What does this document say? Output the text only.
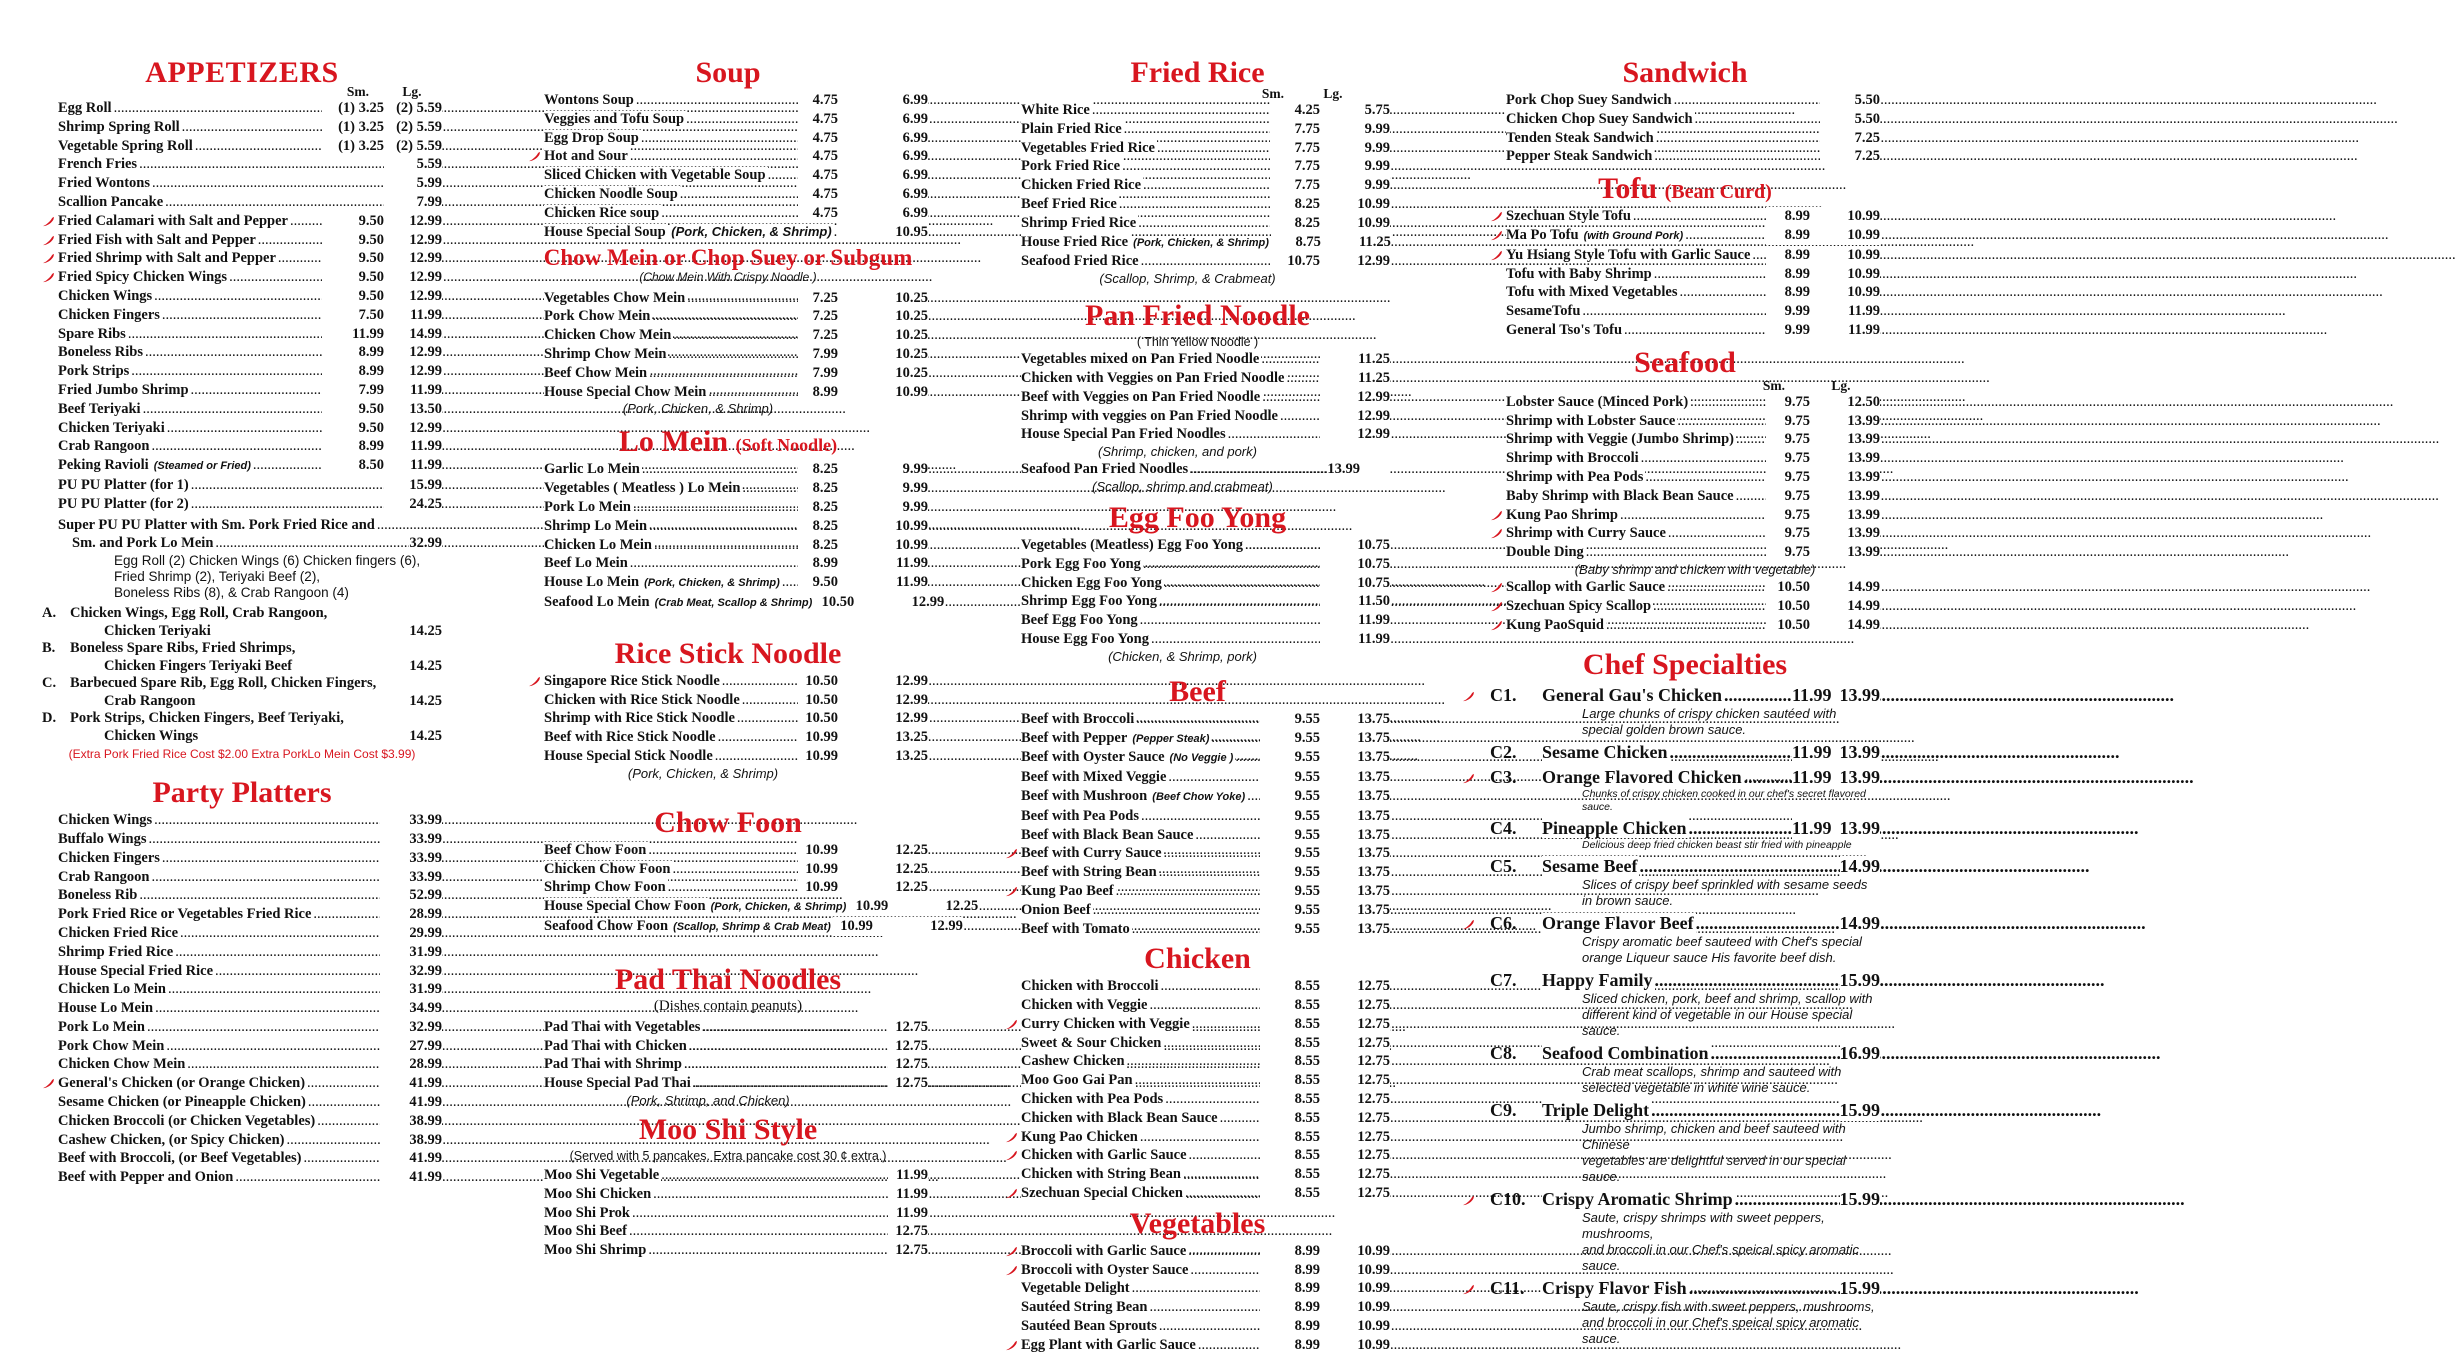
APPETIZERS
Sm.	Lg.
Egg Roll .....	(1) 3.25 (2) 5.59
Shrimp Spring Roll .....	(1) 3.25 (2) 5.59
Vegetable Spring Roll .....	(1) 3.25 (2) 5.59
French Fries .....	5.59
Fried Wontons .....	5.99
Scallion Pancake .....	7.99
Fried Calamari with Salt and Pepper .....	9.50	12.99
Fried Fish with Salt and Pepper .....	9.50	12.99
Fried Shrimp with Salt and Pepper .....	9.50	12.99
Fried Spicy Chicken Wings .....	9.50	12.99
Chicken Wings .....	9.50	12.99
Chicken Fingers .....	7.50	11.99
Spare Ribs .....	11.99	14.99
Boneless Ribs .....	8.99	12.99
Pork Strips .....	8.99	12.99
Fried Jumbo Shrimp .....	7.99	11.99
Beef Teriyaki .....	9.50	13.50
Chicken Teriyaki .....	9.50	12.99
Crab Rangoon .....	8.99	11.99
Peking Ravioli (Steamed or Fried) .....	8.50	11.99
PU PU Platter (for 1) .....	15.99
PU PU Platter (for 2) .....	24.25
Super PU PU Platter with Sm. Pork Fried Rice and .....
Sm. and Pork Lo Mein .....	32.99
Egg Roll (2) Chicken Wings (6) Chicken fingers (6),
Fried Shrimp (2), Teriyaki Beef (2),
Boneless Ribs (8), & Crab Rangoon (4)
A. Chicken Wings, Egg Roll, Crab Rangoon,
Chicken Teriyaki	14.25
B.	Boneless Spare Ribs, Fried Shrimps,
Chicken Fingers Teriyaki Beef	14.25
C. Barbecued Spare Rib, Egg Roll, Chicken Fingers,
Crab Rangoon	14.25
D. Pork Strips, Chicken Fingers, Beef Teriyaki,
Chicken Wings	14.25
(Extra Pork Fried Rice Cost $2.00 Extra PorkLo Mein Cost $3.99)
Party Platters
Chicken Wings .....	33.99
Buffalo Wings .....	33.99
Chicken Fingers .....	33.99
Crab Rangoon .....	33.99
Boneless Rib .....	52.99
Pork Fried Rice or Vegetables Fried Rice .....	28.99
Chicken Fried Rice .....	29.99
Shrimp Fried Rice .....	31.99
House Special Fried Rice .....	32.99
Chicken Lo Mein .....	31.99
House Lo Mein .....	34.99
Pork Lo Mein .....	32.99
Pork Chow Mein .....	27.99
Chicken Chow Mein .....	28.99
General's Chicken (or Orange Chicken) .....	41.99
Sesame Chicken (or Pineapple Chicken) .....	41.99
Chicken Broccoli (or Chicken Vegetables) .....	38.99
Cashew Chicken, (or Spicy Chicken) .....	38.99
Beef with Broccoli, (or Beef Vegetables) .....	41.99
Beef with Pepper and Onion .....	41.99
Soup
Wontons Soup .....	4.75	6.99
Veggies and Tofu Soup .....	4.75	6.99
Egg Drop Soup .....	4.75	6.99
Hot and Sour .....	4.75	6.99
Sliced Chicken with Vegetable Soup .....	4.75	6.99
Chicken Noodle Soup .....	4.75	6.99
Chicken Rice soup .....	4.75	6.99
House Special Soup (Pork, Chicken, & Shrimp) .....	10.95
Chow Mein or Chop Suey or Subgum
(Chow Mein With Crispy Noodle )
Vegetables Chow Mein .....	7.25	10.25
Pork Chow Mein .....	7.25	10.25
Chicken Chow Mein .....	7.25	10.25
Shrimp Chow Mein .....	7.99	10.25
Beef Chow Mein .....	7.99	10.25
House Special Chow Mein .....	8.99	10.99
(Pork, Chicken, & Shrimp)
Lo Mein (Soft Noodle)
Garlic Lo Mein .....	8.25	9.99
Vegetables ( Meatless ) Lo Mein .....	8.25	9.99
Pork Lo Mein .....	8.25	9.99
Shrimp Lo Mein .....	8.25	10.99
Chicken Lo Mein .....	8.25	10.99
Beef Lo Mein .....	8.99	11.99
House Lo Mein (Pork, Chicken, & Shrimp) .....	9.50	11.99
Seafood Lo Mein (Crab Meat, Scallop & Shrimp) ..... 10.50	12.99
Rice Stick Noodle
Singapore Rice Stick Noodle .....	10.50	12.99
Chicken with Rice Stick Noodle .....	10.50	12.99
Shrimp with Rice Stick Noodle .....	10.50	12.99
Beef with Rice Stick Noodle .....	10.99	13.25
House Special Stick Noodle .....	10.99	13.25
(Pork, Chicken, & Shrimp)
Chow Foon
Beef Chow Foon .....	10.99	12.25
Chicken Chow Foon .....	10.99	12.25
Shrimp Chow Foon .....	10.99	12.25
House Special Chow Foon (Pork, Chicken, & Shrimp) ..... 10.99	12.25
Seafood Chow Foon (Scallop, Shrimp & Crab Meat) ..... 10.99	12.99
Pad Thai Noodles
(Dishes contain peanuts)
Pad Thai with Vegetables .....	12.75
Pad Thai with Chicken .....	12.75
Pad Thai with Shrimp .....	12.75
House Special Pad Thai .....	12.75
(Pork, Shrimp, and Chicken)
Moo Shi Style
(Served with 5 pancakes. Extra pancake cost 30 ¢ extra.)
Moo Shi Vegetable .....	11.99
Moo Shi Chicken .....	11.99
Moo Shi Prok .....	11.99
Moo Shi Beef .....	12.75
Moo Shi Shrimp .....	12.75
Fried Rice
Sm.	Lg.
White Rice .....	4.25	5.75
Plain Fried Rice .....	7.75	9.99
Vegetables Fried Rice .....	7.75	9.99
Pork Fried Rice .....	7.75	9.99
Chicken Fried Rice .....	7.75	9.99
Beef Fried Rice .....	8.25	10.99
Shrimp Fried Rice .....	8.25	10.99
House Fried Rice (Pork, Chicken, & Shrimp) .....	8.75	11.25
Seafood Fried Rice .....	10.75	12.99
(Scallop, Shrimp, & Crabmeat)
Pan Fried Noodle
( Thin Yellow Noodle )
Vegetables mixed on Pan Fried Noodle .....	11.25
Chicken with Veggies on Pan Fried Noodle .....	11.25
Beef with Veggies on Pan Fried Noodle .....	12.99
Shrimp with veggies on Pan Fried Noodle .....	12.99
House Special Pan Fried Noodles .....	12.99
(Shrimp, chicken, and pork)
Seafood Pan Fried Noodles .....	13.99
(Scallop, shrimp and crabmeat)
Egg Foo Yong
Vegetables (Meatless) Egg Foo Yong .....	10.75
Pork Egg Foo Yong .....	10.75
Chicken Egg Foo Yong .....	10.75
Shrimp Egg Foo Yong .....	11.50
Beef Egg Foo Yong .....	11.99
House Egg Foo Yong .....	11.99
(Chicken, & Shrimp, pork)
Beef
Beef with Broccoli .....	9.55	13.75
Beef with Pepper (Pepper Steak) .....	9.55	13.75
Beef with Oyster Sauce (No Veggie ) .....	9.55	13.75
Beef with Mixed Veggie .....	9.55	13.75
Beef with Mushroon (Beef Chow Yoke) .....	9.55	13.75
Beef with Pea Pods .....	9.55	13.75
Beef with Black Bean Sauce .....	9.55	13.75
Beef with Curry Sauce .....	9.55	13.75
Beef with String Bean .....	9.55	13.75
Kung Pao Beef .....	9.55	13.75
Onion Beef .....	9.55	13.75
Beef with Tomato .....	9.55	13.75
Chicken
Chicken with Broccoli .....	8.55	12.75
Chicken with Veggie .....	8.55	12.75
Curry Chicken with Veggie .....	8.55	12.75
Sweet & Sour Chicken .....	8.55	12.75
Cashew Chicken .....	8.55	12.75
Moo Goo Gai Pan .....	8.55	12.75
Chicken with Pea Pods .....	8.55	12.75
Chicken with Black Bean Sauce .....	8.55	12.75
Kung Pao Chicken .....	8.55	12.75
Chicken with Garlic Sauce .....	8.55	12.75
Chicken with String Bean .....	8.55	12.75
Szechuan Special Chicken .....	8.55	12.75
Vegetables
Broccoli with Garlic Sauce .....	8.99	10.99
Broccoli with Oyster Sauce .....	8.99	10.99
Vegetable Delight .....	8.99	10.99
Sautéed String Bean .....	8.99	10.99
Sautéed Bean Sprouts .....	8.99	10.99
Egg Plant with Garlic Sauce .....	8.99	10.99
Sandwich
Pork Chop Suey Sandwich .....	5.50
Chicken Chop Suey Sandwich .....	5.50
Tenden Steak Sandwich .....	7.25
Pepper Steak Sandwich .....	7.25
Tofu (Bean Curd)
Szechuan Style Tofu .....	8.99	10.99
Ma Po Tofu (with Ground Pork) .....	8.99	10.99
Yu Hsiang Style Tofu with Garlic Sauce .....	8.99	10.99
Tofu with Baby Shrimp .....	8.99	10.99
Tofu with Mixed Vegetables .....	8.99	10.99
SesameTofu .....	9.99	11.99
General Tso's Tofu .....	9.99	11.99
Seafood
Sm.	Lg.
Lobster Sauce (Minced Pork) .....	9.75	12.50
Shrimp with Lobster Sauce .....	9.75	13.99
Shrimp with Veggie (Jumbo Shrimp) .....	9.75	13.99
Shrimp with Broccoli .....	9.75	13.99
Shrimp with Pea Pods .....	9.75	13.99
Baby Shrimp with Black Bean Sauce .....	9.75	13.99
Kung Pao Shrimp .....	9.75	13.99
Shrimp with Curry Sauce .....	9.75	13.99
Double Ding .....	9.75	13.99
(Baby shrimp and chicken with vegetable)
Scallop with Garlic Sauce .....	10.50	14.99
Szechuan Spicy Scallop .....	10.50	14.99
Kung PaoSquid .....	10.50	14.99
Chef Specialties
C1.	General Gau's Chicken .....	11.99 13.99
Large chunks of crispy chicken sautéed with
special golden brown sauce.
C2.	Sesame Chicken .....	11.99 13.99
C3.	Orange Flavored Chicken .....	11.99 13.99
Chunks of crispy chicken cooked in our chef's secret flavored sauce.
C4.	Pineapple Chicken .....	11.99 13.99
Delicious deep fried chicken beast stir fried with pineapple
C5.	Sesame Beef .....	14.99
Slices of crispy beef sprinkled with sesame seeds
in brown sauce.
C6.	Orange Flavor Beef .....	14.99
Crispy aromatic beef sauteed with Chef's special
orange Liqueur sauce His favorite beef dish.
C7.	Happy Family .....	15.99
Sliced chicken, pork, beef and shrimp, scallop with
different kind of vegetable in our House special sauce.
C8.	Seafood Combination .....	16.99
Crab meat scallops, shrimp and sauteed with
selected vegetable in white wine sauce.
C9.	Triple Delight .....	15.99
Jumbo shrimp, chicken and beef sauteed with Chinese
vegetables are delightful served in our special sauce.
C10. Crispy Aromatic Shrimp .....	15.99
Saute, crispy shrimps with sweet peppers, mushrooms,
and broccoli in our Chef's speical spicy aromatic sauce.
C11. Crispy Flavor Fish .....	15.99
Saute, crispy fish with sweet peppers, mushrooms,
and broccoli in our Chef's speical spicy aromatic sauce.
